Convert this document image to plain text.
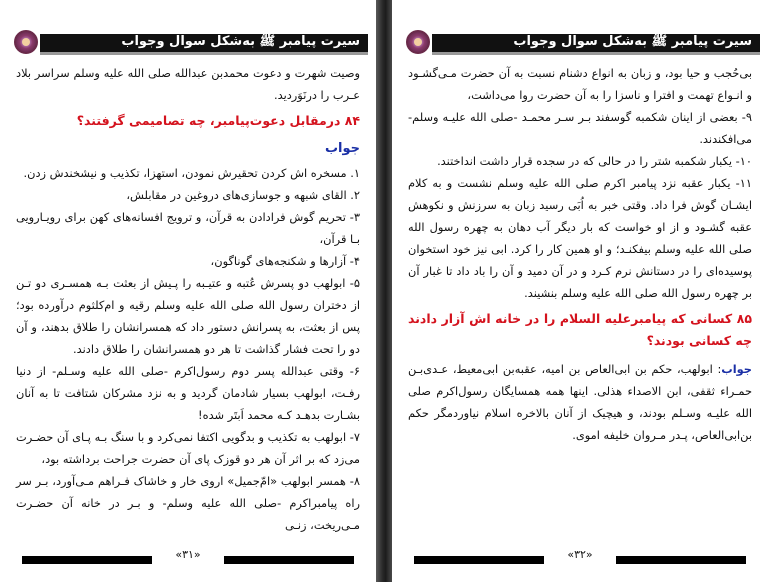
سیرت پیامبر ﷺ به‌شکل سوال وجواب

وصیت شهرت و دعوت محمدبن عبدالله صلی الله علیه وسلم سراسر بلاد عـرب را درنَوَردید.

۸۴ درمقابل دعوت‌پیامبر، چه تصامیمی گرفتند؟

جواب

۱. مسخره اش کردن تحقیرش نمودن، استهزا، تکذیب و نیشخندش زدن.

۲. القای شبهه و جوسازی‌های دروغین در مقابلش،

۳- تحریم گوش فرادادن به قرآن، و ترویج افسانه‌های کهن برای رویـارویی بـا قرآن،

۴- آزارها و شکنجه‌های گوناگون،

۵- ابولهب دو پسرش عُتبه و عتیـبه را پـیش از بعثت بـه همسـری دو تـن از دختران رسول الله صلی الله علیه وسلم رقیه و ام‌کلثوم درآورده بود؛ پس از بعثت، به پسرانش دستور داد که همسرانشان را طلاق بدهند، و آن دو را تحت فشار گذاشت تا هر دو همسرانشان را طلاق دادند.

۶- وقتی عبدالله پسر دوم رسول‌اکرم -صلی الله علیه وسـلم- از دنیا رفـت، ابولهب بسیار شادمان گردید و به نزد مشرکان شتافت تا به آنان بشـارت بدهـد کـه محمد اَبتَر شده!

۷- ابولهب به تکذیب و بدگویی اکتفا نمی‌کرد و با سنگ بـه پـای آن حضـرت می‌زد که بر اثر آن هر دو قوزک پای آن حضرت جراحت برداشته بود،

۸- همسر ابولهب «امّ‌جمیل» اروی خار و خاشاک فـراهم مـی‌آورد، بـر سر راه پیامبراکرم -صلی الله علیه وسلم- و بـر در خانه آن حضـرت مـی‌ریخت، زنـی

«۳۱»
سیرت پیامبر ﷺ به‌شکل سوال وجواب

بی‌حُجب و حیا بود، و زبان به انواع دشنام نسبت به آن حضرت مـی‌گشـود و انـواع تهمت و افترا و ناسزا را به آن حضرت روا می‌داشت،

۹- بعضی از اینان شکمبه گوسفند بـر سـر محمـد -صلی الله علیـه وسلم- می‌افکندند.

۱۰- یکبار شکمبه شتر را در حالی که در سجده قرار داشت انداختند.

۱۱- یکبار عقبه نزد پیامبر اکرم صلی الله علیه وسلم نشست و به کلام ایشـان گوش فرا داد. وقتی خبر به اُبَی رسید زبان به سرزنش و نکوهش عقبه گشـود و از او خواست که بار دیگر آب دهان به چهره رسول الله صلی الله علیه وسلم بیفکنـد؛ و او همین کار را کرد. ابی نیز خود استخوان پوسیده‌ای را در دستانش نرم کـرد و در آن دمید و آن را باد داد تا غبار آن بر چهره رسول الله صلی الله علیه وسلم بنشیند.

۸۵ کسانی که پیامبرعلیه السلام را در خانه اش آزار دادند چه کسانی بودند؟

جواب: ابولهب، حکم بن ابی‌العاص بن امیه، عقبه‌بن ابی‌معیط، عـدی‌بـن حمـراء ثقفی، ابن الاصداء هذلی. اینها همه همسایگان رسول‌اکرم صلی الله علیـه وسـلم بودند، و هیچیک از آنان بالاخره اسلام نیاوردمگر حکم بن‌ابی‌العاص، پـدر مـروان خلیفه اموی.

«۳۲»
